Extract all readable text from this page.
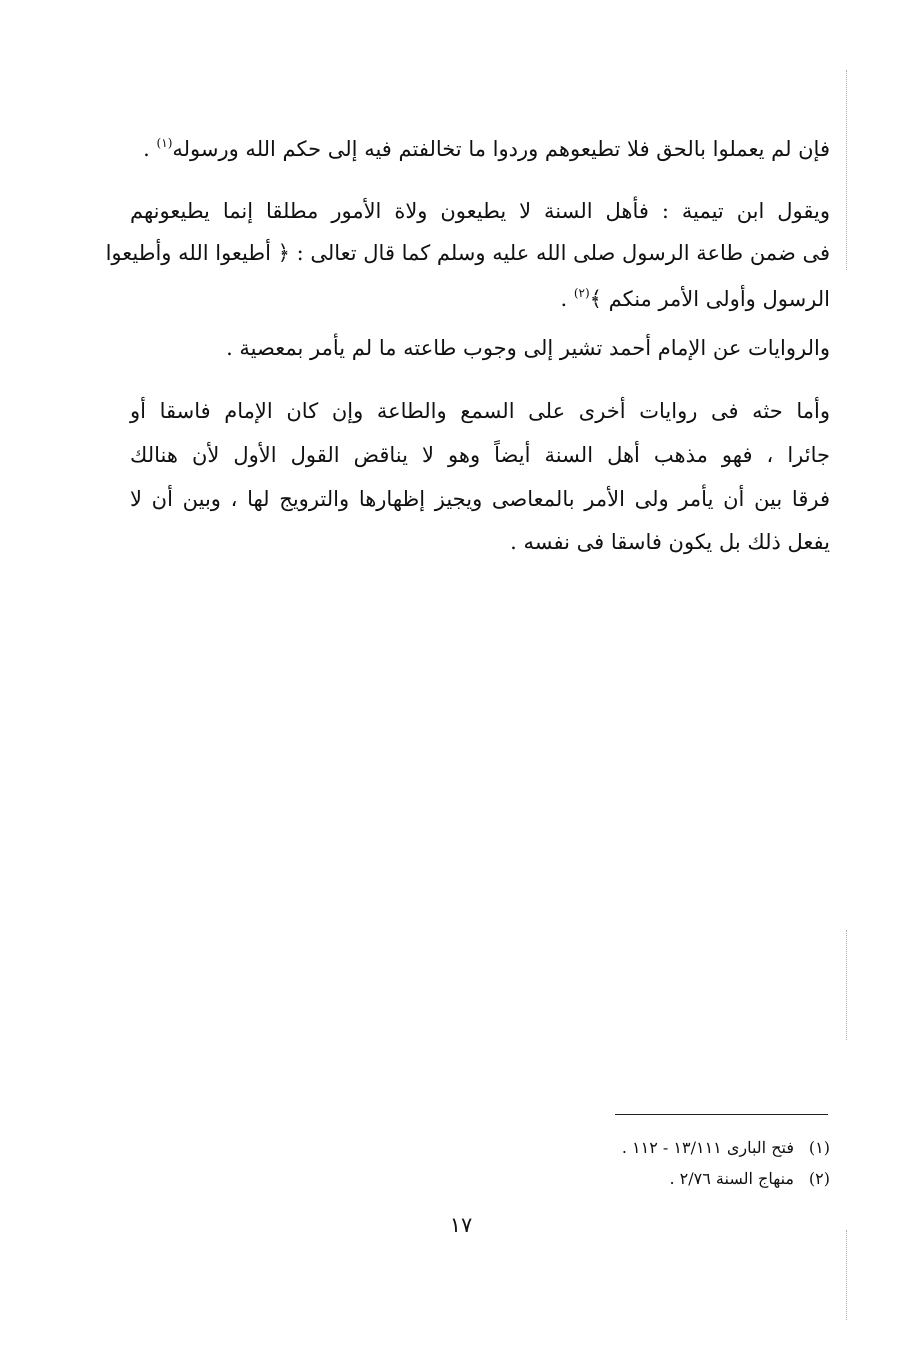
فإن لم يعملوا بالحق فلا تطيعوهم وردوا ما تخالفتم فيه إلى حكم الله ورسوله$^{(١)}$ .
ويقول ابن تيمية : فأهل السنة لا يطيعون ولاة الأمور مطلقا إنما يطيعونهم
فى ضمن طاعة الرسول صلى الله عليه وسلم كما قال تعالى : ﴿ أطيعوا الله وأطيعوا
الرسول وأولى الأمر منكم ﴾$^{(٢)}$ .
والروايات عن الإمام أحمد تشير إلى وجوب طاعته ما لم يأمر بمعصية .
وأما حثه فى روايات أخرى على السمع والطاعة وإن كان الإمام فاسقا أو
جائرا ، فهو مذهب أهل السنة أيضاً وهو لا يناقض القول الأول لأن هنالك
فرقا بين أن يأمر ولى الأمر بالمعاصى ويجيز إظهارها والترويج لها ، وبين أن لا
يفعل ذلك بل يكون فاسقا فى نفسه .
(١)فتح البارى ١٣/١١١ - ١١٢ .
(٢)منهاج السنة ٢/٧٦ .
١٧
